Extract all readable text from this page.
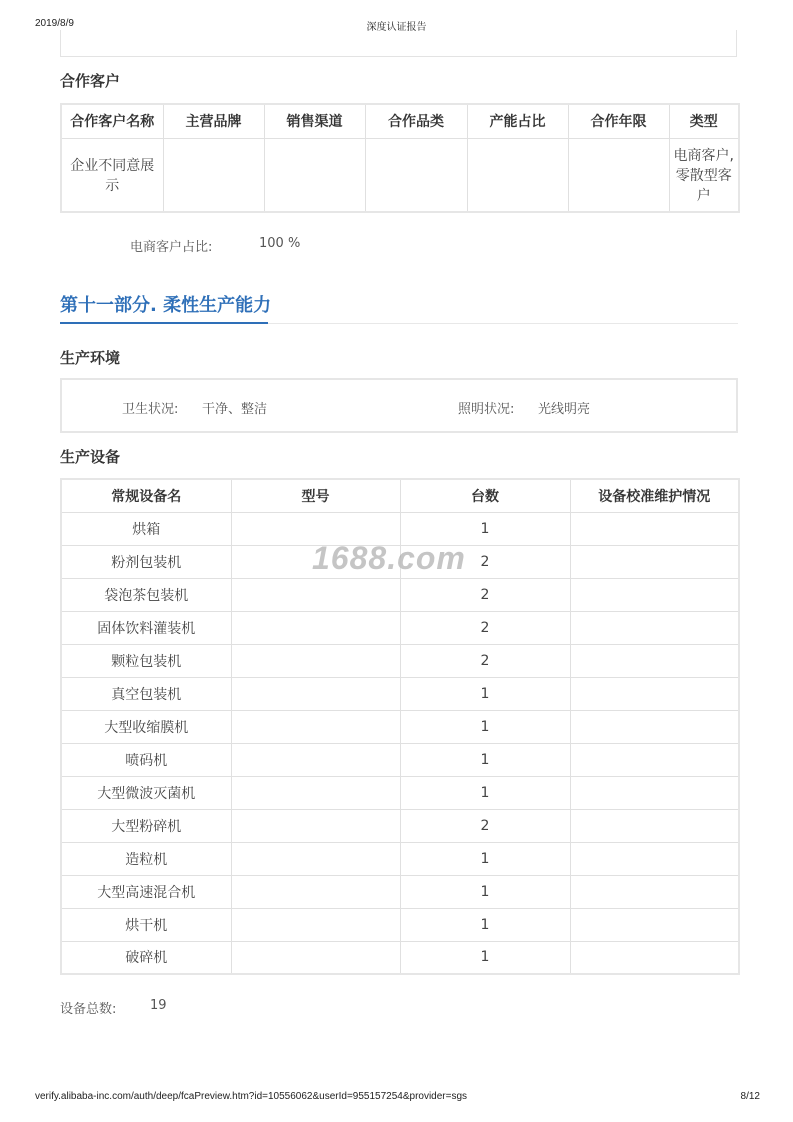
2019/8/9	深度认证报告
合作客户
合作客户名称	主营品牌	销售渠道	合作品类	产能占比	合作年限	类型
企业不同意展示						电商客户,零散型客户
电商客户占比:	100 %
第十一部分. 柔性生产能力
生产环境
卫生状况: 干净、整洁	照明状况: 光线明亮
生产设备
常规设备名	型号	台数	设备校准维护情况
烘箱		1	
粉剂包装机		2	
袋泡茶包装机		2	
固体饮料灌装机		2	
颗粒包装机		2	
真空包装机		1	
大型收缩膜机		1	
喷码机		1	
大型微波灭菌机		1	
大型粉碎机		2	
造粒机		1	
大型高速混合机		1	
烘干机		1	
破碎机		1	
设备总数:	19
1688.com
verify.alibaba-inc.com/auth/deep/fcaPreview.htm?id=10556062&userId=955157254&provider=sgs	8/12
